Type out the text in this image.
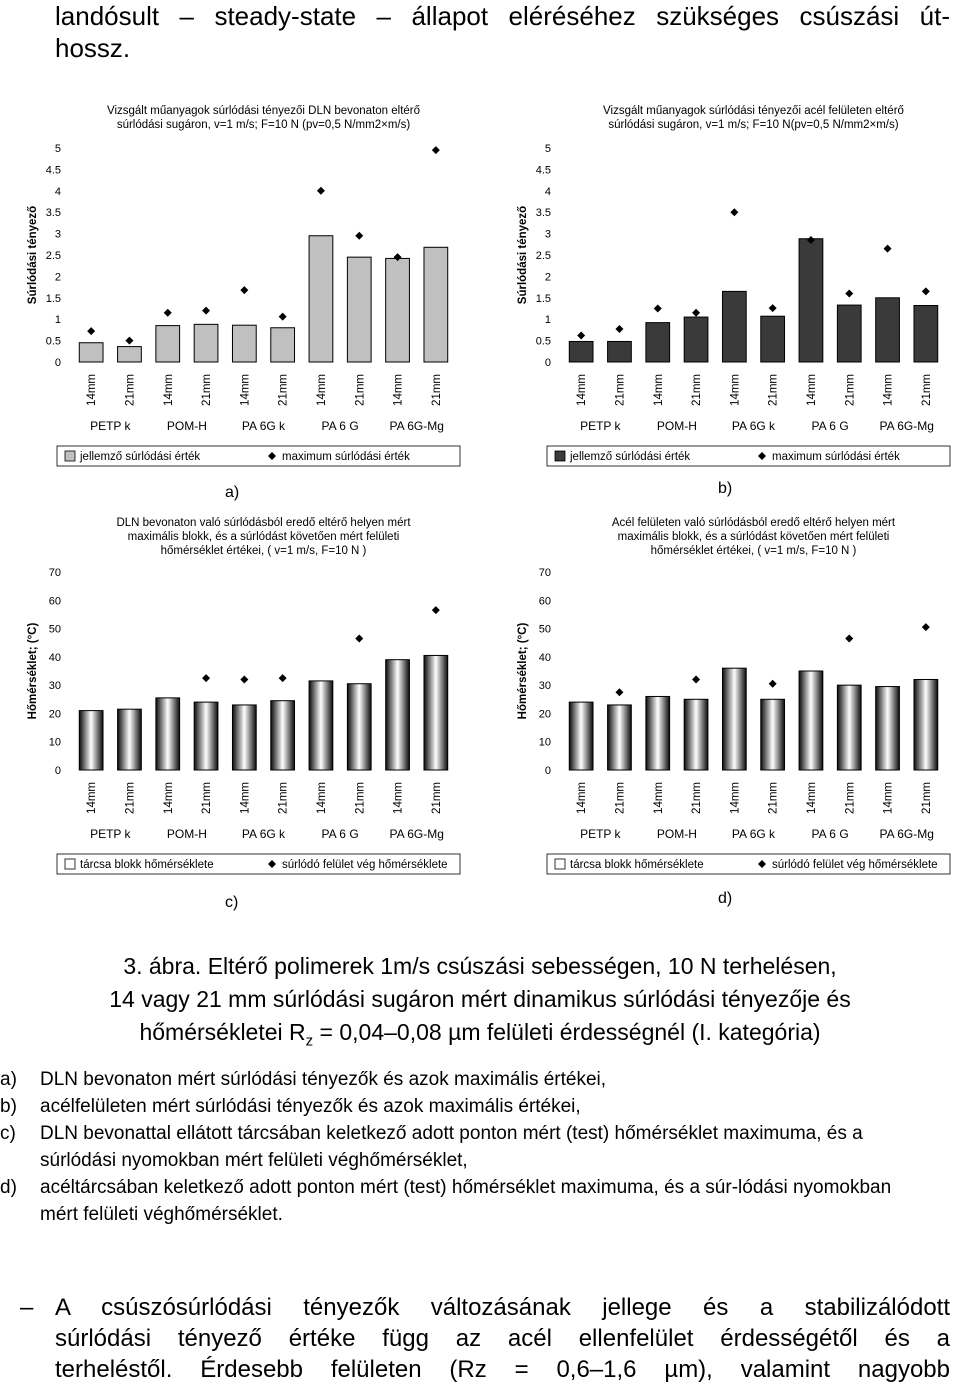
landósult – steady-state – állapot eléréséhez szükséges csúszási út-
hossz.
Vizsgált műanyagok súrlódási tényezői DLN bevonaton eltérő
súrlódási sugáron, v=1 m/s; F=10 N (pv=0,5 N/mm2×m/s)
0
0.5
1
1.5
2
2.5
3
3.5
4
4.5
5
Súrlódási tényező
14mm 21mm 14mm 21mm 14mm 21mm 14mm 21mm 14mm 21mm
PETP k	POM-H	PA 6G k	PA 6 G	PA 6G-Mg
jellemző súrlódási érték	maximum súrlódási érték
Vizsgált műanyagok súrlódási tényezői acél felületen eltérő
súrlódási sugáron, v=1 m/s; F=10 N(pv=0,5 N/mm2×m/s)
0
0.5
1
1.5
2
2.5
3
3.5
4
4.5
5
Súrlódási tényező
14mm 21mm 14mm 21mm 14mm 21mm 14mm 21mm 14mm 21mm
PETP k	POM-H	PA 6G k	PA 6 G	PA 6G-Mg
jellemző súrlódási érték	maximum súrlódási érték
DLN bevonaton való súrlódásból eredő eltérő helyen mért
maximális blokk, és a súrlódást követően mért felületi
hőmérséklet értékei, ( v=1 m/s, F=10 N )
0
10
20
30
40
50
60
70
Hőmérséklet; (°C)
14mm 21mm 14mm 21mm 14mm 21mm 14mm 21mm 14mm 21mm
PETP k	POM-H	PA 6G k	PA 6 G	PA 6G-Mg
tárcsa blokk hőmérséklete	súrlódó felület vég hőmérséklete
Acél felületen való súrlódásból eredő eltérő helyen mért
maximális blokk, és a súrlódást követően mért felületi
hőmérséklet értékei, ( v=1 m/s, F=10 N )
0
10
20
30
40
50
60
70
Hőmérséklet; (°C)
14mm 21mm 14mm 21mm 14mm 21mm 14mm 21mm 14mm 21mm
PETP k	POM-H	PA 6G k	PA 6 G	PA 6G-Mg
tárcsa blokk hőmérséklete	súrlódó felület vég hőmérséklete
a)	b)
c)	d)
3. ábra. Eltérő polimerek 1m/s csúszási sebességen, 10 N terhelésen,
14 vagy 21 mm súrlódási sugáron mért dinamikus súrlódási tényezője és
hőmérsékletei $R_z = 0,04-0,08$ µm felületi érdességnél (I. kategória)
a) DLN bevonaton mért súrlódási tényezők és azok maximális értékei,
b) acélfelületen mért súrlódási tényezők és azok maximális értékei,
c) DLN bevonattal ellátott tárcsában keletkező adott ponton mért (test) hőmérséklet maximuma, és a súrlódási nyomokban mért felületi véghőmérséklet,
d) acéltárcsában keletkező adott ponton mért (test) hőmérséklet maximuma, és a súr-lódási nyomokban mért felületi véghőmérséklet.
– A csúszósúrlódási tényezők változásának jellege és a stabilizálódott
súrlódási tényező értéke függ az acél ellenfelület érdességétől és a
terheléstől. Érdesebb felületen (Rz = 0,6–1,6 µm), valamint nagyobb
